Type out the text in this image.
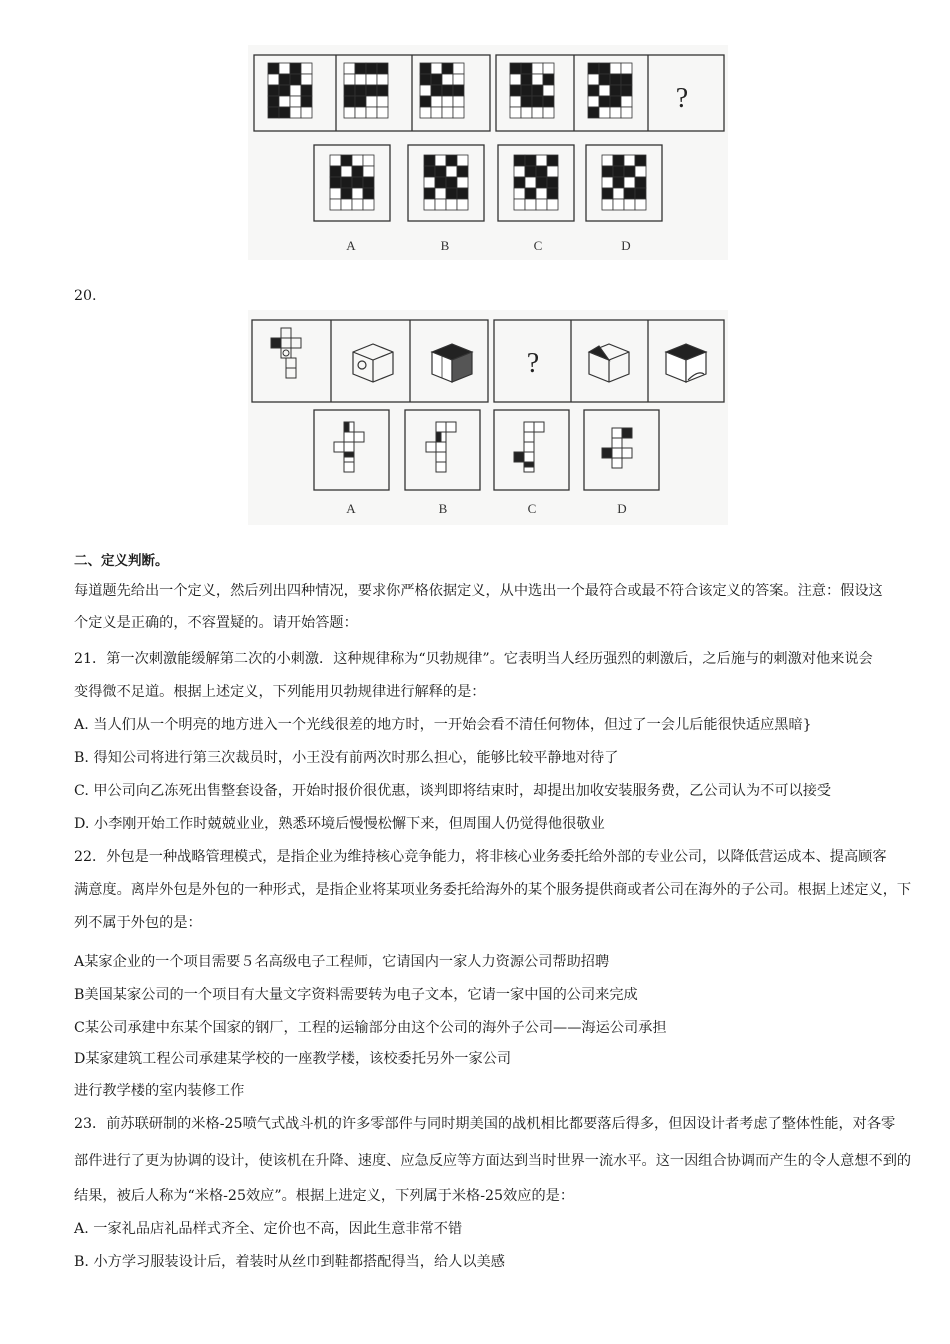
?
A	B	C	D
20.
?
A	B	C	D
二、定义判断。
每道题先给出一个定义，然后列出四种情况，要求你严格依据定义，从中选出一个最符合或最不符合该定义的答案。注意：假设这
个定义是正确的，不容置疑的。请开始答题：
21．第一次刺激能缓解第二次的小刺激．这种规律称为“贝勃规律”。它表明当人经历强烈的刺激后，之后施与的刺激对他来说会
变得微不足道。根据上述定义，下列能用贝勃规律进行解释的是：
A. 当人们从一个明亮的地方进入一个光线很差的地方时，一开始会看不清任何物体，但过了一会儿后能很快适应黑暗}
B. 得知公司将进行第三次裁员时，小王没有前两次时那么担心，能够比较平静地对待了
C. 甲公司向乙冻死出售整套设备，开始时报价很优惠，谈判即将结束时，却提出加收安装服务费，乙公司认为不可以接受
D. 小李刚开始工作时兢兢业业，熟悉环境后慢慢松懈下来，但周围人仍觉得他很敬业
22．外包是一种战略管理模式，是指企业为维持核心竞争能力，将非核心业务委托给外部的专业公司，以降低营运成本、提高顾客
满意度。离岸外包是外包的一种形式，是指企业将某项业务委托给海外的某个服务提供商或者公司在海外的子公司。根据上述定义，下
列不属于外包的是：
A某家企业的一个项目需要５名高级电子工程师，它请国内一家人力资源公司帮助招聘
B美国某家公司的一个项目有大量文字资料需要转为电子文本，它请一家中国的公司来完成
C某公司承建中东某个国家的钢厂，工程的运输部分由这个公司的海外子公司——海运公司承担
D某家建筑工程公司承建某学校的一座教学楼，该校委托另外一家公司
进行教学楼的室内装修工作
23．前苏联研制的米格-25喷气式战斗机的许多零部件与同时期美国的战机相比都要落后得多，但因设计者考虑了整体性能，对各零
部件进行了更为协调的设计，使该机在升降、速度、应急反应等方面达到当时世界一流水平。这一因组合协调而产生的令人意想不到的
结果，被后人称为“米格-25效应”。根据上进定义，下列属于米格-25效应的是：
A. 一家礼品店礼品样式齐全、定价也不高，因此生意非常不错
B. 小方学习服装设计后，着装时从丝巾到鞋都搭配得当，给人以美感
